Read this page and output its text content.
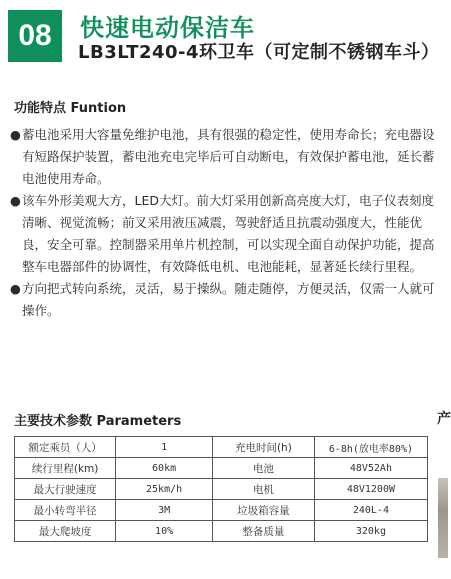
08	快速电动保洁车
LB3LT240-4环卫车（可定制不锈钢车斗）
功能特点 Funtion
● 蓄电池采用大容量免维护电池，具有很强的稳定性，使用寿命长；充电器设有短路保护装置，蓄电池充电完毕后可自动断电，有效保护蓄电池，延长蓄电池使用寿命。
● 该车外形美观大方，LED大灯。前大灯采用创新高亮度大灯，电子仪表刻度清晰、视觉流畅；前叉采用液压减震，驾驶舒适且抗震动强度大，性能优良，安全可靠。控制器采用单片机控制，可以实现全面自动保护功能，提高整车电器部件的协调性，有效降低电机、电池能耗，显著延长续行里程。
● 方向把式转向系统，灵活，易于操纵。随走随停，方便灵活，仅需一人就可操作。
主要技术参数 Parameters	产
额定乘员（人）	1	充电时间(h)	6-8h(放电率80%)
续行里程(km)	60km	电池	48V52Ah
最大行驶速度	25km/h	电机	48V1200W
最小转弯半径	3M	垃圾箱容量	240L-4
最大爬坡度	10%	整备质量	320kg
